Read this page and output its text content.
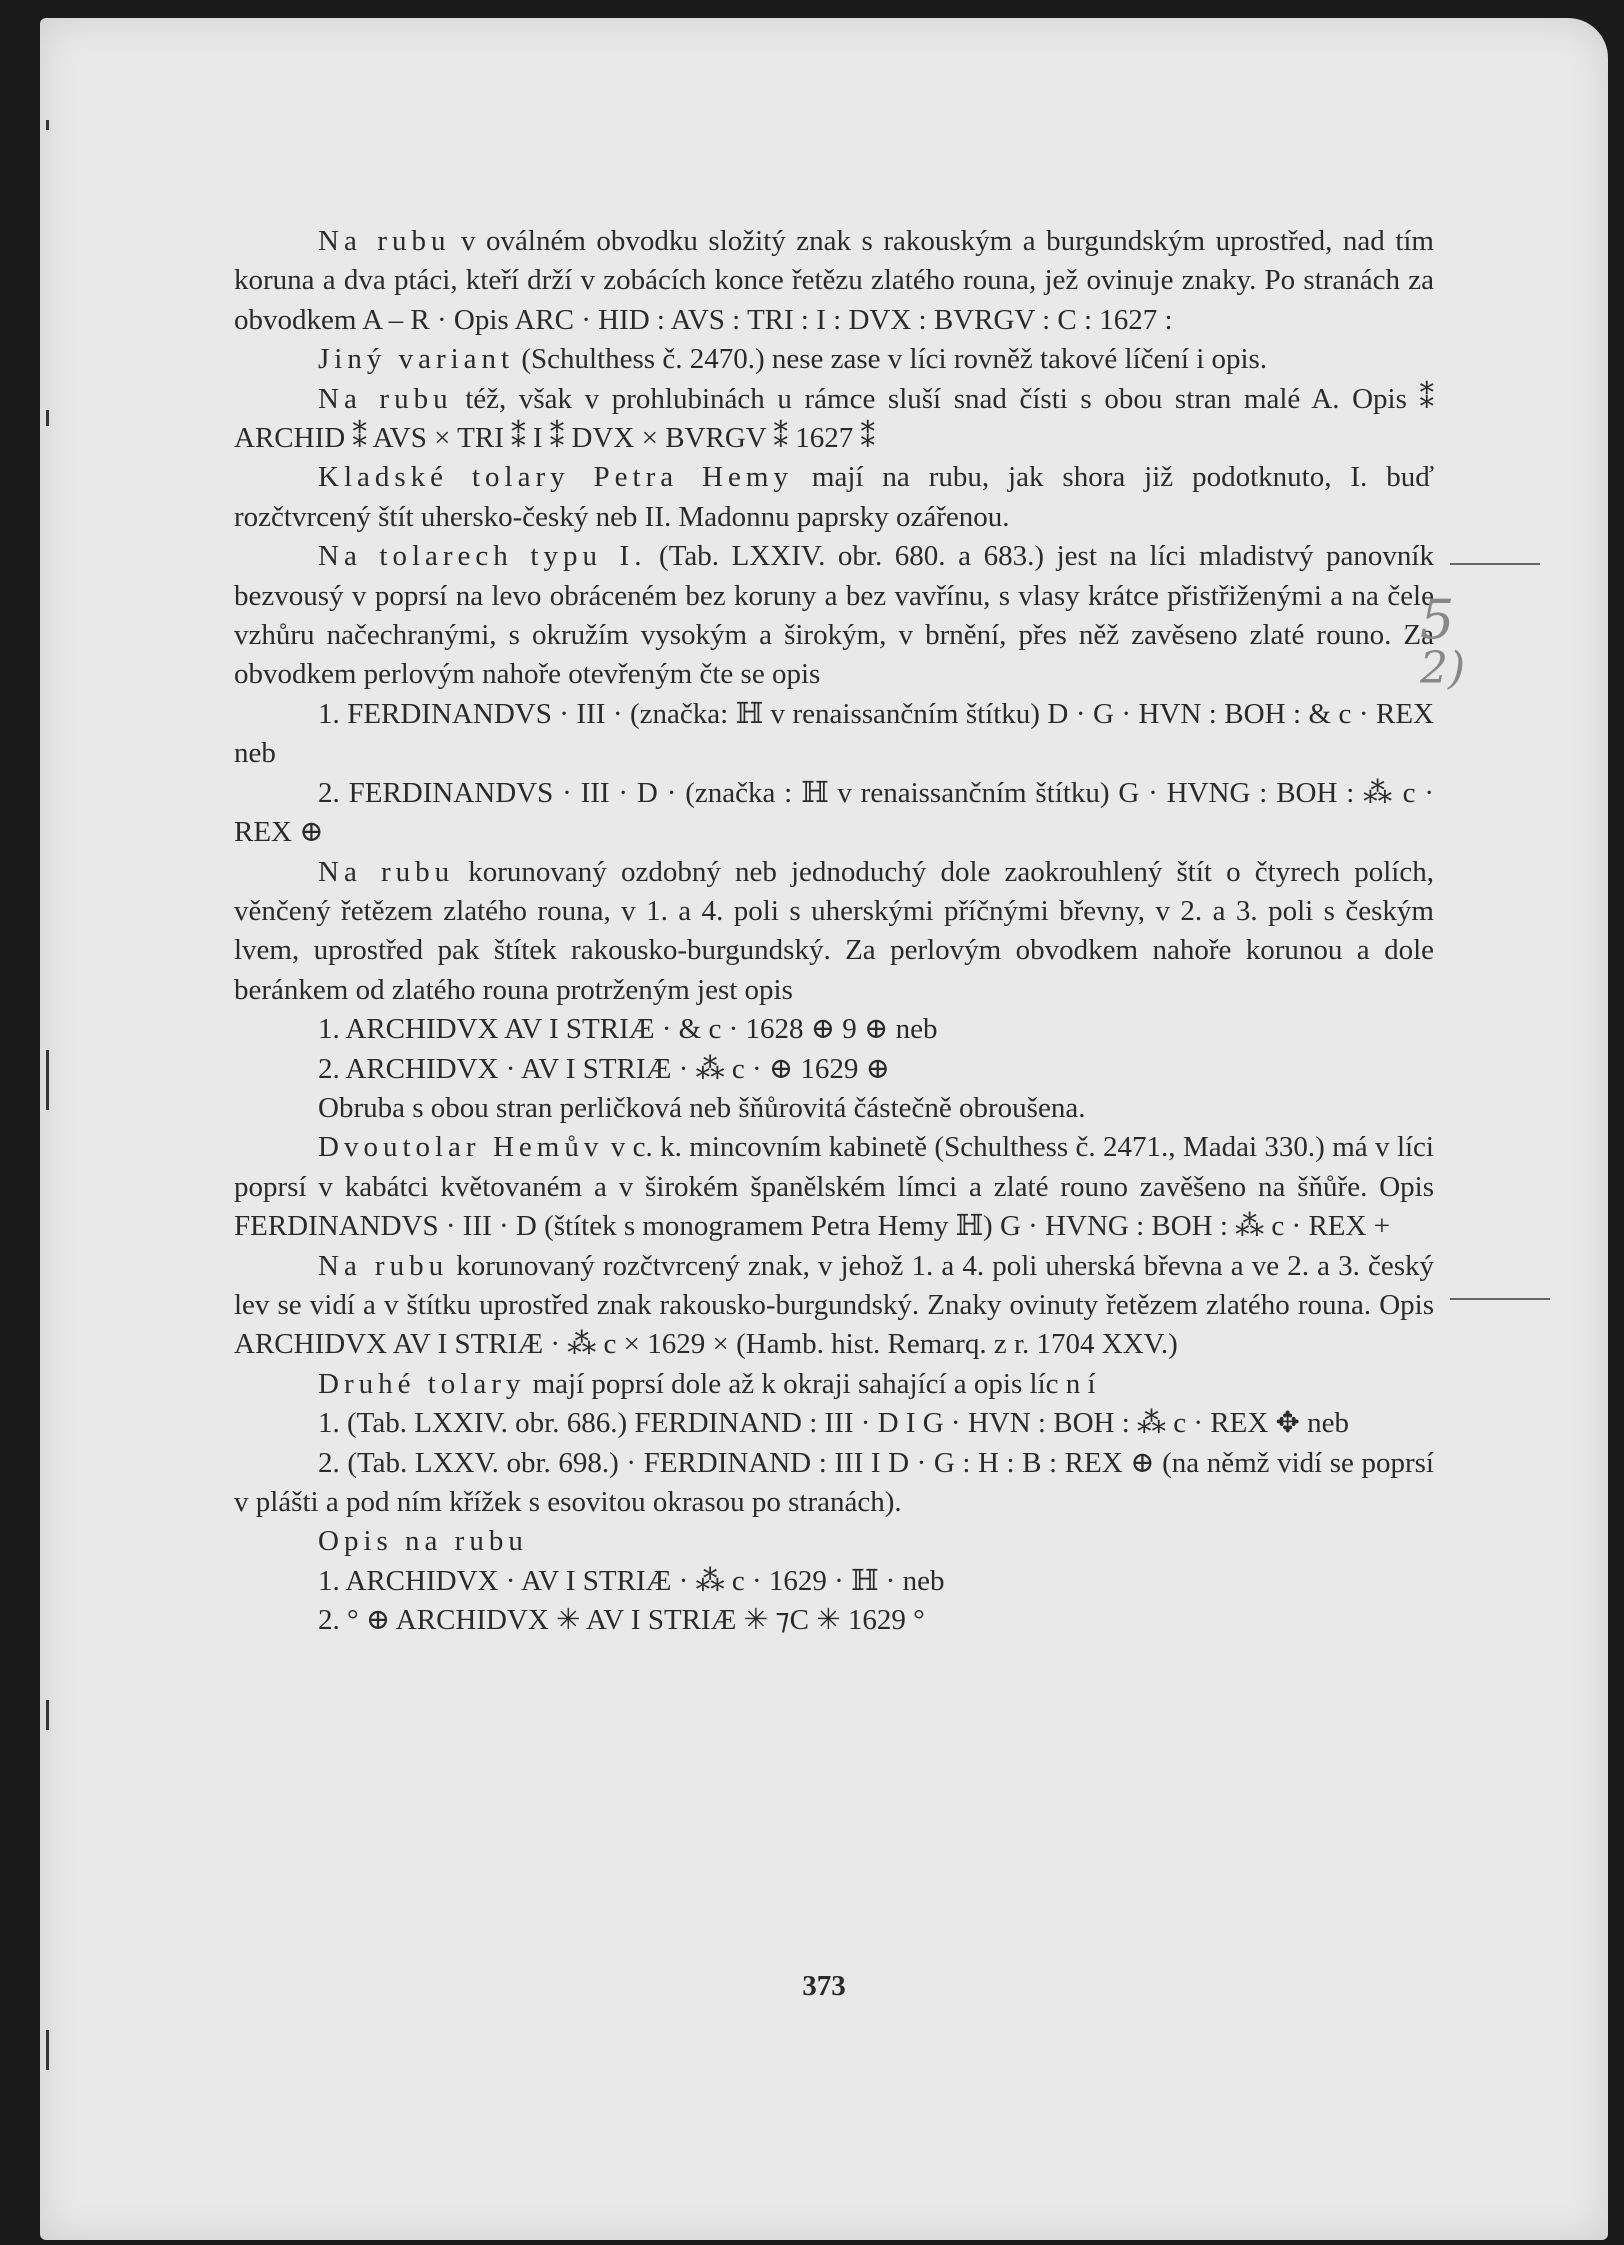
Na rubu v oválném obvodku složitý znak s rakouským a burgundským uprostřed, nad tím koruna a dva ptáci, kteří drží v zobácích konce řetězu zlatého rouna, jež ovinuje znaky. Po stranách za obvodkem A – R · Opis ARC · HID : AVS : TRI : I : DVX : BVRGV : C : 1627 :

Jiný variant (Schulthess č. 2470.) nese zase v líci rovněž takové líčení i opis.

Na rubu též, však v prohlubinách u rámce sluší snad čísti s obou stran malé A. Opis ⁑ ARCHID ⁑ AVS × TRI ⁑ I ⁑ DVX × BVRGV ⁑ 1627 ⁑

Kladské tolary Petra Hemy mají na rubu, jak shora již podotknuto, I. buď rozčtvrcený štít uhersko-český neb II. Madonnu paprsky ozářenou.

Na tolarech typu I. (Tab. LXXIV. obr. 680. a 683.) jest na líci mladistvý panovník bezvousý v poprsí na levo obráceném bez koruny a bez vavřínu, s vlasy krátce přistřiženými a na čele vzhůru načechranými, s okružím vysokým a širokým, v brnění, přes něž zavěseno zlaté rouno. Za obvodkem perlovým nahoře otevřeným čte se opis

1. FERDINANDVS · III · (značka: ℍ v renaissančním štítku) D · G · HVN : BOH : & c · REX neb

2. FERDINANDVS · III · D · (značka : ℍ v renaissančním štítku) G · HVNG : BOH : ⁂ c · REX ⊕

Na rubu korunovaný ozdobný neb jednoduchý dole zaokrouhlený štít o čtyrech polích, věnčený řetězem zlatého rouna, v 1. a 4. poli s uherskými příčnými břevny, v 2. a 3. poli s českým lvem, uprostřed pak štítek rakousko-burgundský. Za perlovým obvodkem nahoře korunou a dole beránkem od zlatého rouna protrženým jest opis

1. ARCHIDVX AV I STRIÆ · & c · 1628 ⊕ 9 ⊕ neb

2. ARCHIDVX · AV I STRIÆ · ⁂ c · ⊕ 1629 ⊕

Obruba s obou stran perličková neb šňůrovitá částečně obroušena.

Dvoutolar Hemův v c. k. mincovním kabinetě (Schulthess č. 2471., Madai 330.) má v líci poprsí v kabátci květovaném a v širokém španělském límci a zlaté rouno zavěšeno na šňůře. Opis FERDINANDVS · III · D (štítek s monogramem Petra Hemy ℍ) G · HVNG : BOH : ⁂ c · REX +

Na rubu korunovaný rozčtvrcený znak, v jehož 1. a 4. poli uherská břevna a ve 2. a 3. český lev se vidí a v štítku uprostřed znak rakousko-burgundský. Znaky ovinuty řetězem zlatého rouna. Opis ARCHIDVX AV I STRIÆ · ⁂ c × 1629 × (Hamb. hist. Remarq. z r. 1704 XXV.)

Druhé tolary mají poprsí dole až k okraji sahající a opis líc n í

1. (Tab. LXXIV. obr. 686.) FERDINAND : III · D I G · HVN : BOH : ⁂ c · REX ✥ neb

2. (Tab. LXXV. obr. 698.) · FERDINAND : III I D · G : H : B : REX ⊕ (na němž vidí se poprsí v plášti a pod ním křížek s esovitou okrasou po stranách).

Opis na rubu

1. ARCHIDVX · AV I STRIÆ · ⁂ c · 1629 · ℍ · neb

2. ° ⊕ ARCHIDVX ✳ AV I STRIÆ ✳ ⁊C ✳ 1629 °

373
5
2)
